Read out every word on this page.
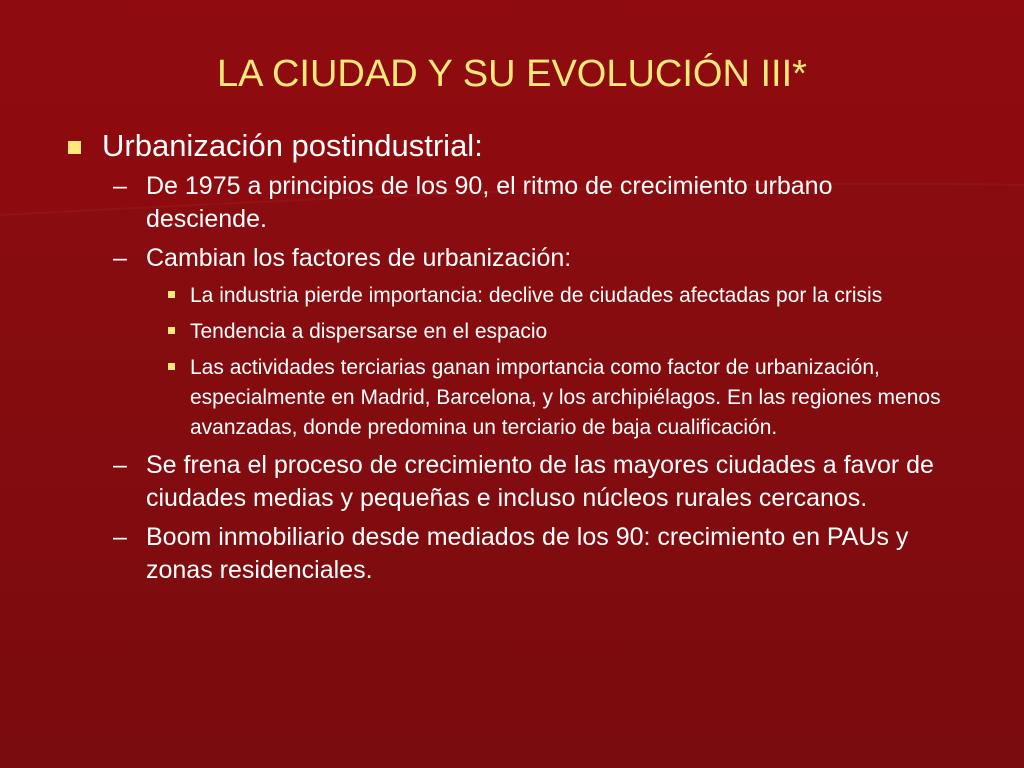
LA CIUDAD Y SU EVOLUCIÓN III*
Urbanización postindustrial:
– De 1975 a principios de los 90, el ritmo de crecimiento urbano desciende.
– Cambian los factores de urbanización:
La industria pierde importancia: declive de ciudades afectadas por la crisis
Tendencia a dispersarse en el espacio
Las actividades terciarias ganan importancia como factor de urbanización, especialmente en Madrid, Barcelona, y los archipiélagos. En las regiones menos avanzadas, donde predomina un terciario de baja cualificación.
– Se frena el proceso de crecimiento de las mayores ciudades a favor de ciudades medias y pequeñas e incluso núcleos rurales cercanos.
– Boom inmobiliario desde mediados de los 90: crecimiento en PAUs y zonas residenciales.
